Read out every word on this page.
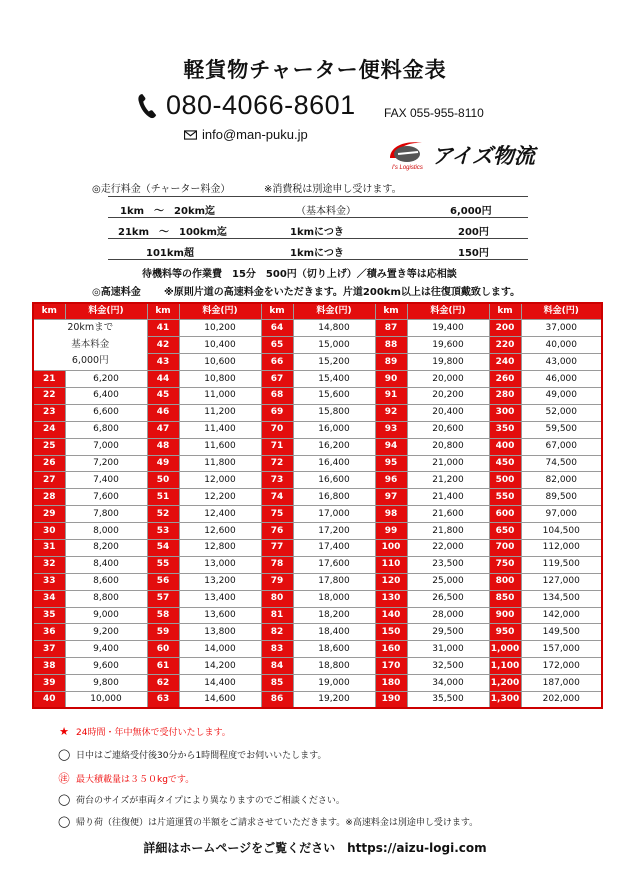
軽貨物チャーター便料金表
080-4066-8601 FAX 055-955-8110
info@man-puku.jp
I's Logistics アイズ物流
◎走行料金（チャーター料金）	※消費税は別途申し受けます。
1km　～　20km迄	（基本料金）	6,000円
21km　～　100km迄	1kmにつき	200円
101km超	1kmにつき	150円
待機料等の作業費　15分　500円（切り上げ）／積み置き等は応相談
◎高速料金 ※原則片道の高速料金をいただきます。片道200km以上は往復頂戴致します。
km	料金(円)	km	料金(円)	km	料金(円)	km	料金(円)	km	料金(円)

20kmまで
基本料金
6,000円		41	10,200	64	14,800	87	19,400	200	37,000
		42	10,400	65	15,000	88	19,600	220	40,000
		43	10,600	66	15,200	89	19,800	240	43,000
21	6,200	44	10,800	67	15,400	90	20,000	260	46,000
22	6,400	45	11,000	68	15,600	91	20,200	280	49,000
23	6,600	46	11,200	69	15,800	92	20,400	300	52,000
24	6,800	47	11,400	70	16,000	93	20,600	350	59,500
25	7,000	48	11,600	71	16,200	94	20,800	400	67,000
26	7,200	49	11,800	72	16,400	95	21,000	450	74,500
27	7,400	50	12,000	73	16,600	96	21,200	500	82,000
28	7,600	51	12,200	74	16,800	97	21,400	550	89,500
29	7,800	52	12,400	75	17,000	98	21,600	600	97,000
30	8,000	53	12,600	76	17,200	99	21,800	650	104,500
31	8,200	54	12,800	77	17,400	100	22,000	700	112,000
32	8,400	55	13,000	78	17,600	110	23,500	750	119,500
33	8,600	56	13,200	79	17,800	120	25,000	800	127,000
34	8,800	57	13,400	80	18,000	130	26,500	850	134,500
35	9,000	58	13,600	81	18,200	140	28,000	900	142,000
36	9,200	59	13,800	82	18,400	150	29,500	950	149,500
37	9,400	60	14,000	83	18,600	160	31,000	1,000	157,000
38	9,600	61	14,200	84	18,800	170	32,500	1,100	172,000
39	9,800	62	14,400	85	19,000	180	34,000	1,200	187,000
40	10,000	63	14,600	86	19,200	190	35,500	1,300	202,000
★ 24時間・年中無休で受付いたします。
◯ 日中はご連絡受付後30分から1時間程度でお伺いいたします。
㊟ 最大積載量は３５０kgです。
◯ 荷台のサイズが車両タイプにより異なりますのでご相談ください。
◯ 帰り荷（往復便）は片道運賃の半額をご請求させていただきます。※高速料金は別途申し受けます。
詳細はホームページをご覧ください　https://aizu-logi.com
